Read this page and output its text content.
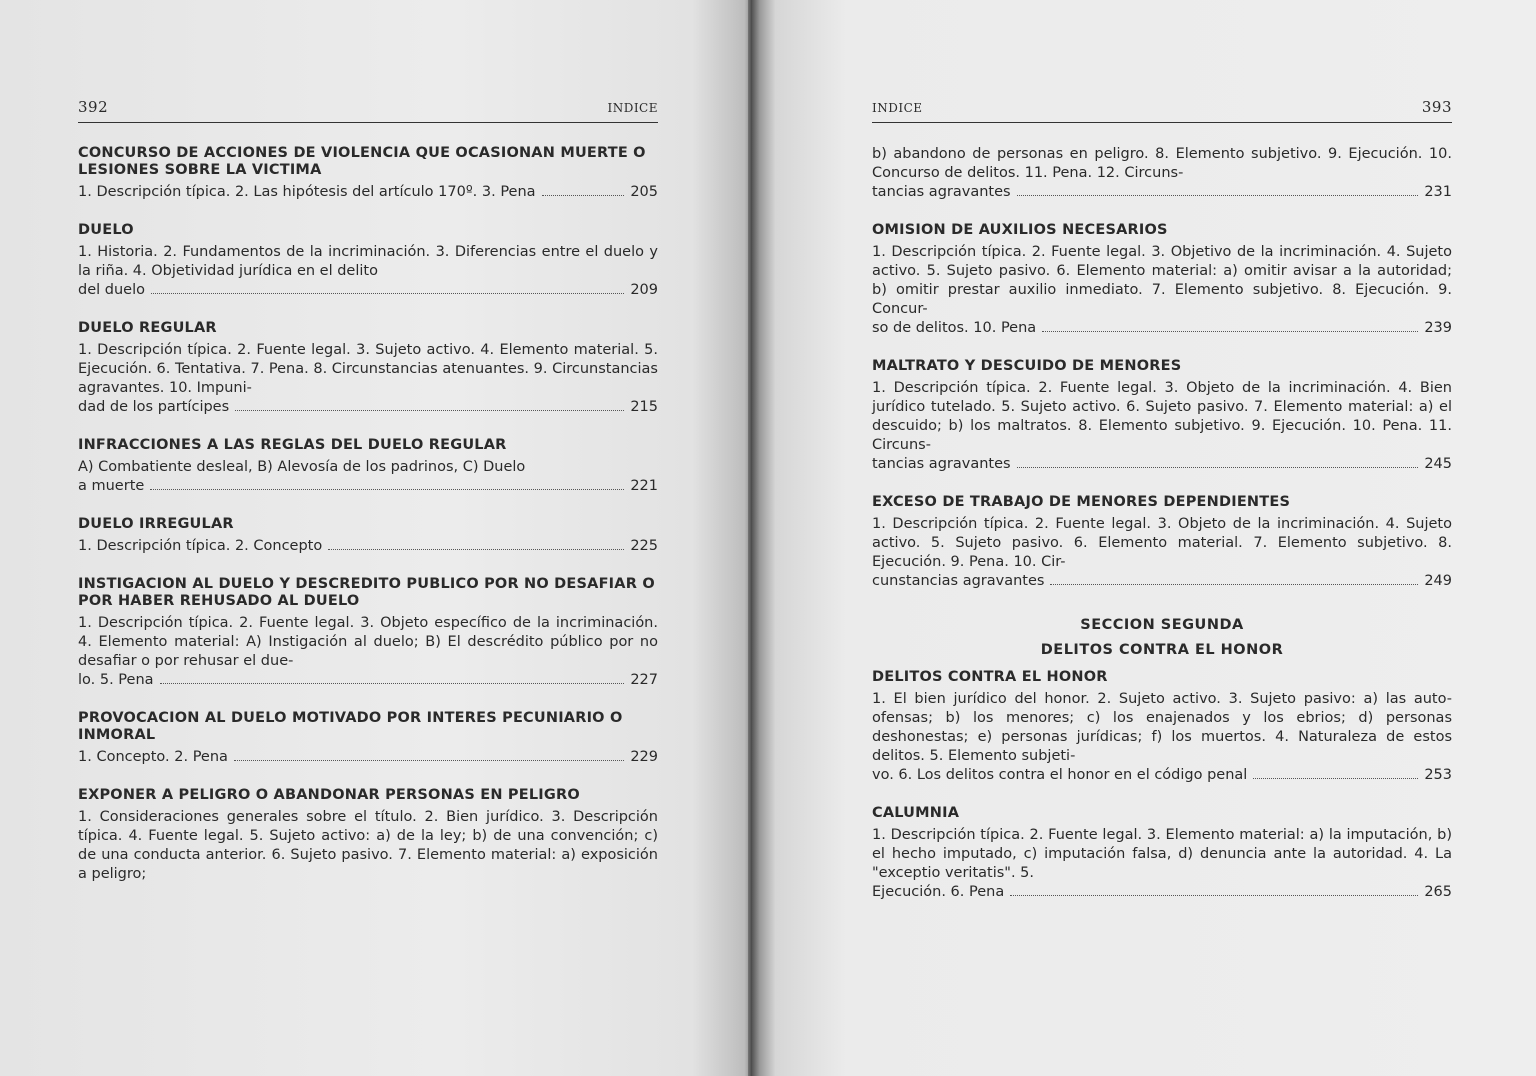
392	INDICE
CONCURSO DE ACCIONES DE VIOLENCIA QUE OCASIONAN MUERTE O LESIONES SOBRE LA VICTIMA
1. Descripción típica. 2. Las hipótesis del artículo 170º. 3. Pena	205
DUELO
1. Historia. 2. Fundamentos de la incriminación. 3. Diferencias entre el duelo y la riña. 4. Objetividad jurídica en el delito
del duelo	209
DUELO REGULAR
1. Descripción típica. 2. Fuente legal. 3. Sujeto activo. 4. Elemento material. 5. Ejecución. 6. Tentativa. 7. Pena. 8. Circunstancias atenuantes. 9. Circunstancias agravantes. 10. Impuni-
dad de los partícipes	215
INFRACCIONES A LAS REGLAS DEL DUELO REGULAR
A) Combatiente desleal, B) Alevosía de los padrinos, C) Duelo
a muerte	221
DUELO IRREGULAR
1. Descripción típica. 2. Concepto	225
INSTIGACION AL DUELO Y DESCREDITO PUBLICO POR NO DESAFIAR O POR HABER REHUSADO AL DUELO
1. Descripción típica. 2. Fuente legal. 3. Objeto específico de la incriminación. 4. Elemento material: A) Instigación al duelo; B) El descrédito público por no desafiar o por rehusar el due-
lo. 5. Pena	227
PROVOCACION AL DUELO MOTIVADO POR INTERES PECUNIARIO O INMORAL
1. Concepto. 2. Pena	229
EXPONER A PELIGRO O ABANDONAR PERSONAS EN PELIGRO
1. Consideraciones generales sobre el título. 2. Bien jurídico. 3. Descripción típica. 4. Fuente legal. 5. Sujeto activo: a) de la ley; b) de una convención; c) de una conducta anterior. 6. Sujeto pasivo. 7. Elemento material: a) exposición a peligro;
INDICE	393
b) abandono de personas en peligro. 8. Elemento subjetivo. 9. Ejecución. 10. Concurso de delitos. 11. Pena. 12. Circuns-
tancias agravantes	231
OMISION DE AUXILIOS NECESARIOS
1. Descripción típica. 2. Fuente legal. 3. Objetivo de la incriminación. 4. Sujeto activo. 5. Sujeto pasivo. 6. Elemento material: a) omitir avisar a la autoridad; b) omitir prestar auxilio inmediato. 7. Elemento subjetivo. 8. Ejecución. 9. Concur-
so de delitos. 10. Pena	239
MALTRATO Y DESCUIDO DE MENORES
1. Descripción típica. 2. Fuente legal. 3. Objeto de la incriminación. 4. Bien jurídico tutelado. 5. Sujeto activo. 6. Sujeto pasivo. 7. Elemento material: a) el descuido; b) los maltratos. 8. Elemento subjetivo. 9. Ejecución. 10. Pena. 11. Circuns-
tancias agravantes	245
EXCESO DE TRABAJO DE MENORES DEPENDIENTES
1. Descripción típica. 2. Fuente legal. 3. Objeto de la incriminación. 4. Sujeto activo. 5. Sujeto pasivo. 6. Elemento material. 7. Elemento subjetivo. 8. Ejecución. 9. Pena. 10. Cir-
cunstancias agravantes	249
SECCION SEGUNDA
DELITOS CONTRA EL HONOR
DELITOS CONTRA EL HONOR
1. El bien jurídico del honor. 2. Sujeto activo. 3. Sujeto pasivo: a) las auto-ofensas; b) los menores; c) los enajenados y los ebrios; d) personas deshonestas; e) personas jurídicas; f) los muertos. 4. Naturaleza de estos delitos. 5. Elemento subjeti-
vo. 6. Los delitos contra el honor en el código penal	253
CALUMNIA
1. Descripción típica. 2. Fuente legal. 3. Elemento material: a) la imputación, b) el hecho imputado, c) imputación falsa, d) denuncia ante la autoridad. 4. La "exceptio veritatis". 5.
Ejecución. 6. Pena	265
